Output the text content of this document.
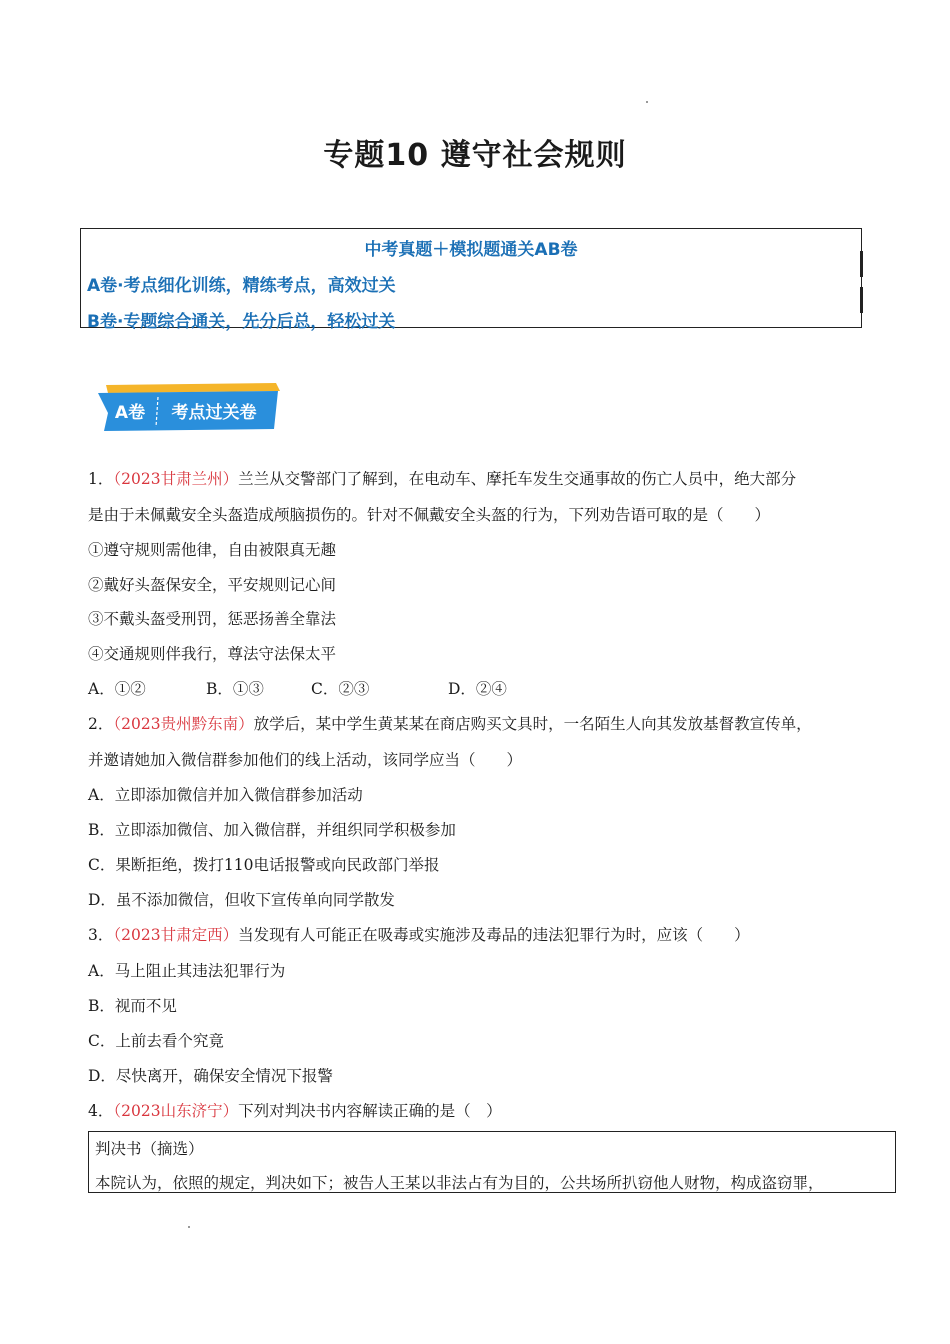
专题10 遵守社会规则
中考真题＋模拟题通关AB卷
A卷·考点细化训练，精练考点，高效过关
B卷·专题综合通关，先分后总，轻松过关
A卷 考点过关卷
1．（2023甘肃兰州）兰兰从交警部门了解到，在电动车、摩托车发生交通事故的伤亡人员中，绝大部分
是由于未佩戴安全头盔造成颅脑损伤的。针对不佩戴安全头盔的行为，下列劝告语可取的是（　　）
①遵守规则需他律，自由被限真无趣
②戴好头盔保安全，平安规则记心间
③不戴头盔受刑罚，惩恶扬善全靠法
④交通规则伴我行，尊法守法保太平
A．①②	B．①③	C．②③	D．②④
2．（2023贵州黔东南）放学后，某中学生黄某某在商店购买文具时，一名陌生人向其发放基督教宣传单，
并邀请她加入微信群参加他们的线上活动，该同学应当（　　）
A．立即添加微信并加入微信群参加活动
B．立即添加微信、加入微信群，并组织同学积极参加
C．果断拒绝，拨打110电话报警或向民政部门举报
D．虽不添加微信，但收下宣传单向同学散发
3．（2023甘肃定西）当发现有人可能正在吸毒或实施涉及毒品的违法犯罪行为时，应该（　　）
A．马上阻止其违法犯罪行为
B．视而不见
C．上前去看个究竟
D．尽快离开，确保安全情况下报警
4．（2023山东济宁）下列对判决书内容解读正确的是（　）
判决书（摘选）
本院认为，依照的规定，判决如下；被告人王某以非法占有为目的，公共场所扒窃他人财物，构成盗窃罪，
